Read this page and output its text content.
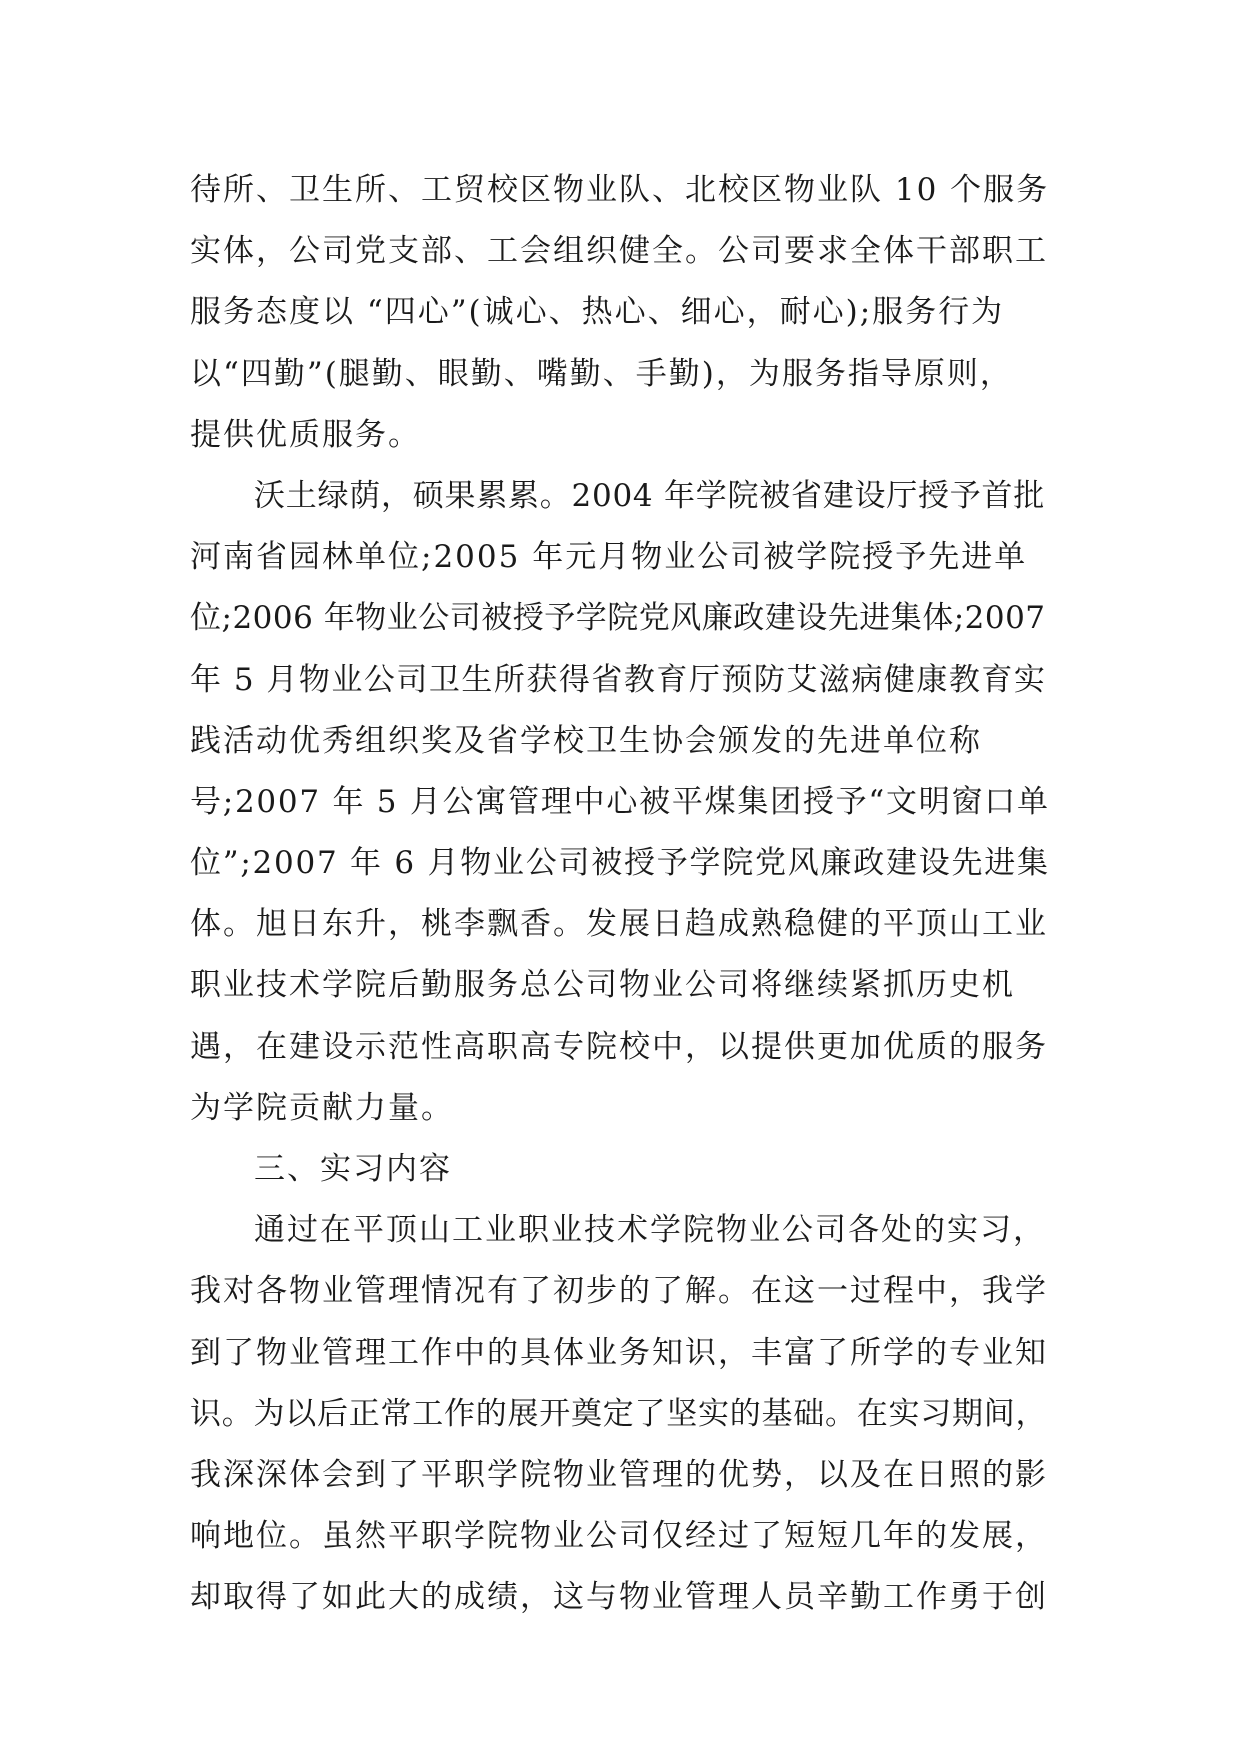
待所、卫生所、工贸校区物业队、北校区物业队 10 个服务
实体，公司党支部、工会组织健全。公司要求全体干部职工
服务态度以 “四心”(诚心、热心、细心，耐心);服务行为
以“四勤”(腿勤、眼勤、嘴勤、手勤)，为服务指导原则，
提供优质服务。
沃土绿荫，硕果累累。2004 年学院被省建设厅授予首批
河南省园林单位;2005 年元月物业公司被学院授予先进单
位;2006 年物业公司被授予学院党风廉政建设先进集体;2007
年 5 月物业公司卫生所获得省教育厅预防艾滋病健康教育实
践活动优秀组织奖及省学校卫生协会颁发的先进单位称
号;2007 年 5 月公寓管理中心被平煤集团授予“文明窗口单
位”;2007 年 6 月物业公司被授予学院党风廉政建设先进集
体。旭日东升，桃李飘香。发展日趋成熟稳健的平顶山工业
职业技术学院后勤服务总公司物业公司将继续紧抓历史机
遇，在建设示范性高职高专院校中，以提供更加优质的服务
为学院贡献力量。
三、实习内容
通过在平顶山工业职业技术学院物业公司各处的实习，
我对各物业管理情况有了初步的了解。在这一过程中，我学
到了物业管理工作中的具体业务知识，丰富了所学的专业知
识。为以后正常工作的展开奠定了坚实的基础。在实习期间，
我深深体会到了平职学院物业管理的优势，以及在日照的影
响地位。虽然平职学院物业公司仅经过了短短几年的发展，
却取得了如此大的成绩，这与物业管理人员辛勤工作勇于创
